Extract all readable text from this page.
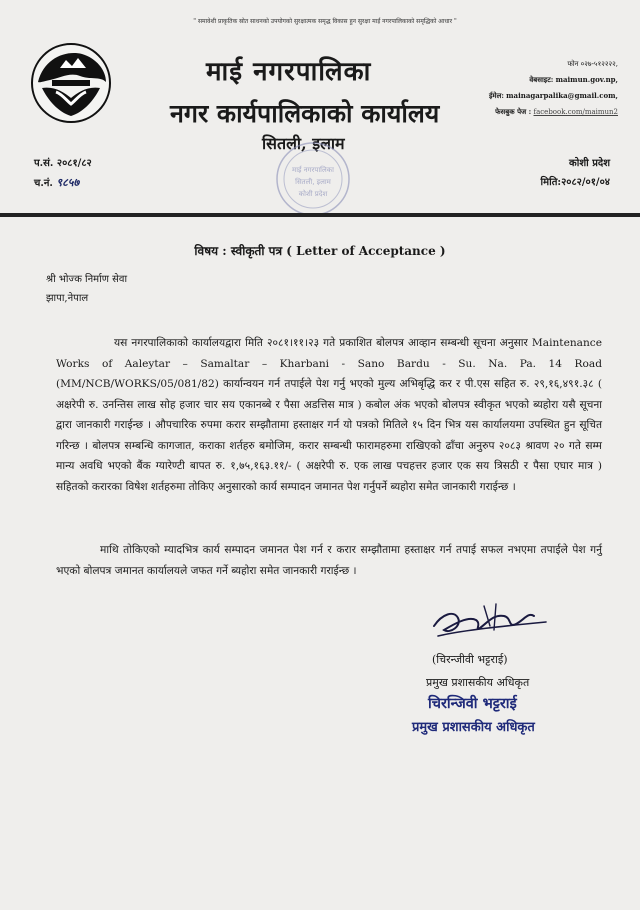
" समावेशी प्राकृतिक स्रोत साधनको उपयोगको सुरक्षात्मक समृद्ध विकास हुन सुरक्षा माईं नगरपालिकाको समृद्धिको आधार "
माई नगरपालिका
नगर कार्यपालिकाको कार्यालय
सितली, इलाम
फोन ०२७-५१२२२२,
वेबसाइट: maimun.gov.np,
ईमेल: mainagarpalika@gmail.com,
फेसबुक पेज : facebook.com/maimun2
प.सं. २०८१/८२
च.नं. ९८५७
माई नगरपालिका
सितली, इलाम
कोशी प्रदेश
कोशी प्रदेश
मिति:२०८२/०१/०४
विषय : स्वीकृती पत्र ( Letter of Acceptance )
श्री भोज्क निर्माण सेवा
झापा,नेपाल
यस नगरपालिकाको कार्यालयद्वारा मिति २०८१।११।२३ गते प्रकाशित बोलपत्र आव्हान सम्बन्धी सूचना अनुसार Maintenance Works of Aaleytar – Samaltar – Kharbani - Sano Bardu - Su. Na. Pa. 14 Road (MM/NCB/WORKS/05/081/82) कार्यान्वयन गर्न तपाईले पेश गर्नु भएको मुल्य अभिबृद्धि कर र पी.एस सहित रु. २९,१६,४९१.३८ ( अक्षरेपी रु. उनन्तिस लाख सोह हजार चार सय एकानब्बे र पैसा अडत्तिस मात्र ) कबोल अंक भएको बोलपत्र स्वीकृत भएको ब्यहोरा यसै सूचना द्वारा जानकारी गराईन्छ । औपचारिक रुपमा करार सम्झौतामा हस्ताक्षर गर्न यो पत्रको मितिले १५ दिन भित्र यस कार्यालयमा उपस्थित हुन सूचित गरिन्छ । बोलपत्र सम्बन्धि कागजात, कराका शर्तहरु बमोजिम, करार सम्बन्धी फारामहरुमा राखिएको ढाँचा अनुरुप २०८३ श्रावण २० गते सम्म मान्य अवधि भएको बैंक ग्यारेण्टी बापत रु. १,७५,१६३.११/- ( अक्षरेपी रु. एक लाख पचहत्तर हजार एक सय त्रिसठी र पैसा एघार मात्र ) सहितको करारका विषेश शर्तहरुमा तोकिए अनुसारको कार्य सम्पादन जमानत पेश गर्नुपर्ने ब्यहोरा समेत जानकारी गराईन्छ ।
माथि तोकिएको म्यादभित्र कार्य सम्पादन जमानत पेश गर्न र करार सम्झौतामा हस्ताक्षर गर्न तपाई सफल नभएमा तपाईले पेश गर्नु भएको बोलपत्र जमानत कार्यालयले जफत गर्ने ब्यहोरा समेत जानकारी गराईन्छ ।
(चिरन्जीवी भट्टराई)
प्रमुख प्रशासकीय अधिकृत
चिरन्जिवी भट्टराई
प्रमुख प्रशासकीय अधिकृत
